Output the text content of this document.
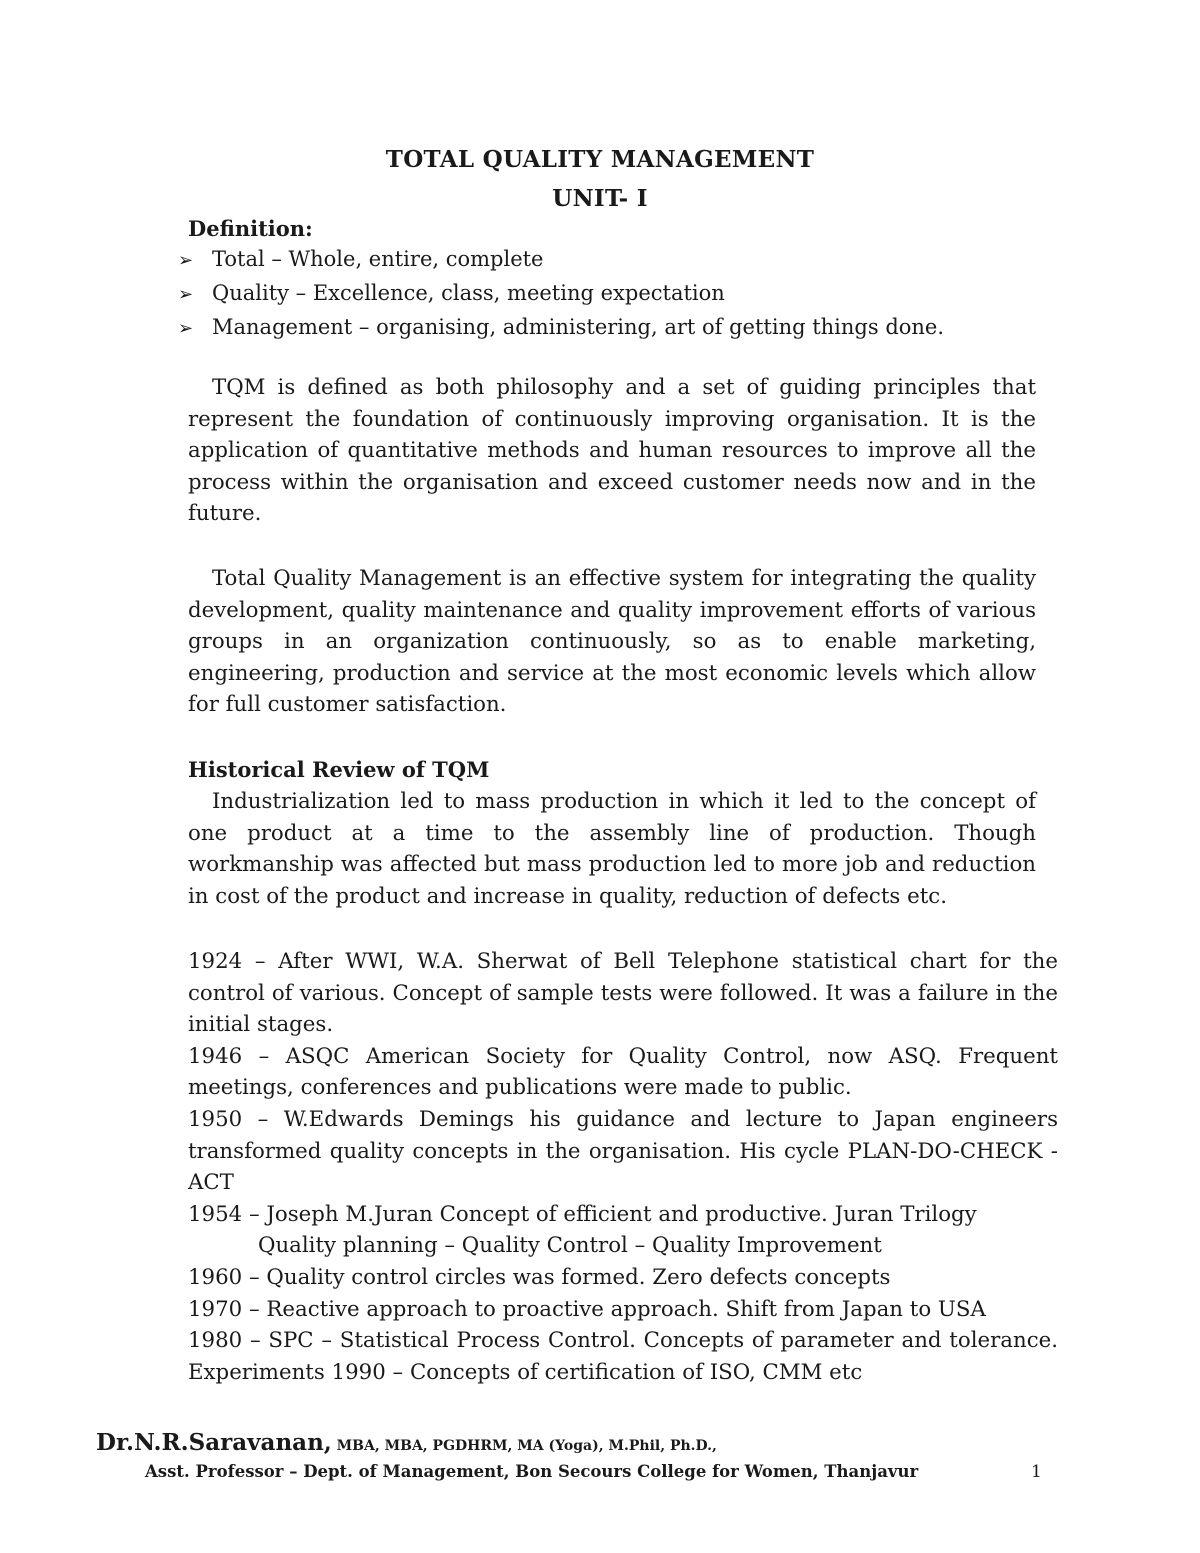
TOTAL QUALITY MANAGEMENT
UNIT- I
Definition:
➢ Total – Whole, entire, complete
➢ Quality – Excellence, class, meeting expectation
➢ Management – organising, administering, art of getting things done.

TQM is defined as both philosophy and a set of guiding principles that represent the foundation of continuously improving organisation. It is the application of quantitative methods and human resources to improve all the process within the organisation and exceed customer needs now and in the future.

Total Quality Management is an effective system for integrating the quality development, quality maintenance and quality improvement efforts of various groups in an organization continuously, so as to enable marketing, engineering, production and service at the most economic levels which allow for full customer satisfaction.

Historical Review of TQM

Industrialization led to mass production in which it led to the concept of one product at a time to the assembly line of production. Though workmanship was affected but mass production led to more job and reduction in cost of the product and increase in quality, reduction of defects etc.

1924 – After WWI, W.A. Sherwat of Bell Telephone statistical chart for the control of various. Concept of sample tests were followed. It was a failure in the initial stages.
1946 – ASQC American Society for Quality Control, now ASQ. Frequent meetings, conferences and publications were made to public.
1950 – W.Edwards Demings his guidance and lecture to Japan engineers transformed quality concepts in the organisation. His cycle PLAN-DO-CHECK - ACT
1954 – Joseph M.Juran Concept of efficient and productive. Juran Trilogy
Quality planning – Quality Control – Quality Improvement
1960 – Quality control circles was formed. Zero defects concepts
1970 – Reactive approach to proactive approach. Shift from Japan to USA
1980 – SPC – Statistical Process Control. Concepts of parameter and tolerance. Experiments 1990 – Concepts of certification of ISO, CMM etc
Dr.N.R.Saravanan, MBA, MBA, PGDHRM, MA (Yoga), M.Phil, Ph.D.,
Asst. Professor – Dept. of Management, Bon Secours College for Women, Thanjavur	1
